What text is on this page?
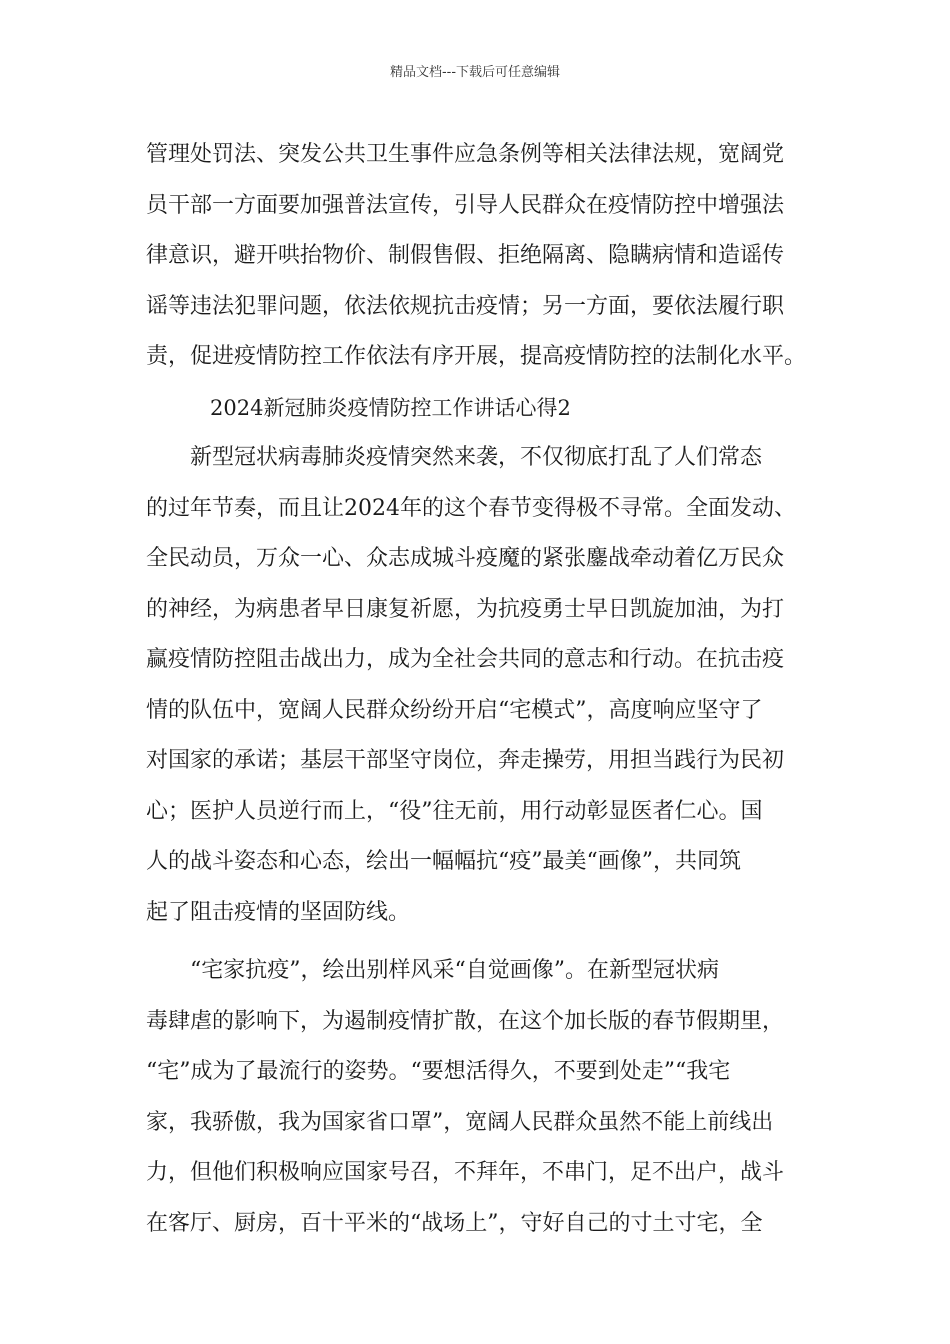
精品文档---下载后可任意编辑
管理处罚法、突发公共卫生事件应急条例等相关法律法规，宽阔党
员干部一方面要加强普法宣传，引导人民群众在疫情防控中增强法
律意识，避开哄抬物价、制假售假、拒绝隔离、隐瞒病情和造谣传
谣等违法犯罪问题，依法依规抗击疫情；另一方面，要依法履行职
责，促进疫情防控工作依法有序开展，提高疫情防控的法制化水平。
2024新冠肺炎疫情防控工作讲话心得2
　　新型冠状病毒肺炎疫情突然来袭，不仅彻底打乱了人们常态
的过年节奏，而且让2024年的这个春节变得极不寻常。全面发动、
全民动员，万众一心、众志成城斗疫魔的紧张鏖战牵动着亿万民众
的神经，为病患者早日康复祈愿，为抗疫勇士早日凯旋加油，为打
赢疫情防控阻击战出力，成为全社会共同的意志和行动。在抗击疫
情的队伍中，宽阔人民群众纷纷开启“宅模式”，高度响应坚守了
对国家的承诺；基层干部坚守岗位，奔走操劳，用担当践行为民初
心；医护人员逆行而上，“役”往无前，用行动彰显医者仁心。国
人的战斗姿态和心态，绘出一幅幅抗“疫”最美“画像”，共同筑
起了阻击疫情的坚固防线。
　　“宅家抗疫”，绘出别样风采“自觉画像”。在新型冠状病
毒肆虐的影响下，为遏制疫情扩散，在这个加长版的春节假期里，
“宅”成为了最流行的姿势。“要想活得久，不要到处走”“我宅
家，我骄傲，我为国家省口罩”，宽阔人民群众虽然不能上前线出
力，但他们积极响应国家号召，不拜年，不串门，足不出户，战斗
在客厅、厨房，百十平米的“战场上”，守好自己的寸土寸宅，全
